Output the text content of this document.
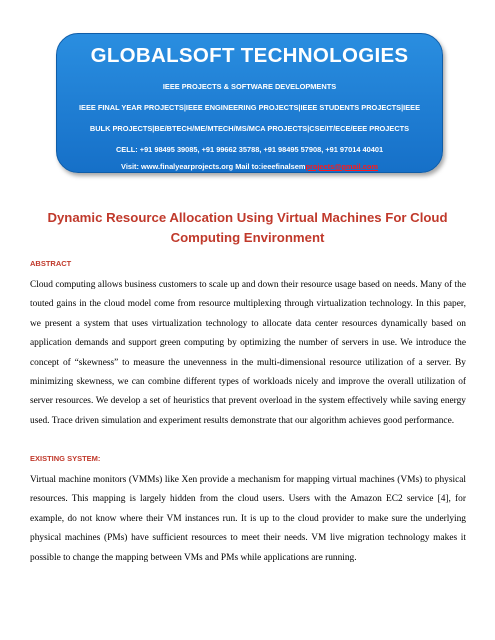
GLOBALSOFT TECHNOLOGIES
IEEE PROJECTS & SOFTWARE DEVELOPMENTS
IEEE FINAL YEAR PROJECTS|IEEE ENGINEERING PROJECTS|IEEE STUDENTS PROJECTS|IEEE
BULK PROJECTS|BE/BTECH/ME/MTECH/MS/MCA PROJECTS|CSE/IT/ECE/EEE PROJECTS
CELL: +91 98495 39085, +91 99662 35788, +91 98495 57908, +91 97014 40401
Visit: www.finalyearprojects.org Mail to:ieeefinalsemprojects@gmail.com
Dynamic Resource Allocation Using Virtual Machines For Cloud Computing Environment
ABSTRACT
Cloud computing allows business customers to scale up and down their resource usage based on needs. Many of the touted gains in the cloud model come from resource multiplexing through virtualization technology. In this paper, we present a system that uses virtualization technology to allocate data center resources dynamically based on application demands and support green computing by optimizing the number of servers in use. We introduce the concept of “skewness” to measure the unevenness in the multi-dimensional resource utilization of a server. By minimizing skewness, we can combine different types of workloads nicely and improve the overall utilization of server resources. We develop a set of heuristics that prevent overload in the system effectively while saving energy used. Trace driven simulation and experiment results demonstrate that our algorithm achieves good performance.
EXISTING SYSTEM:
Virtual machine monitors (VMMs) like Xen provide a mechanism for mapping virtual machines (VMs) to physical resources. This mapping is largely hidden from the cloud users. Users with the Amazon EC2 service [4], for example, do not know where their VM instances run. It is up to the cloud provider to make sure the underlying physical machines (PMs) have sufficient resources to meet their needs. VM live migration technology makes it possible to change the mapping between VMs and PMs while applications are running.
